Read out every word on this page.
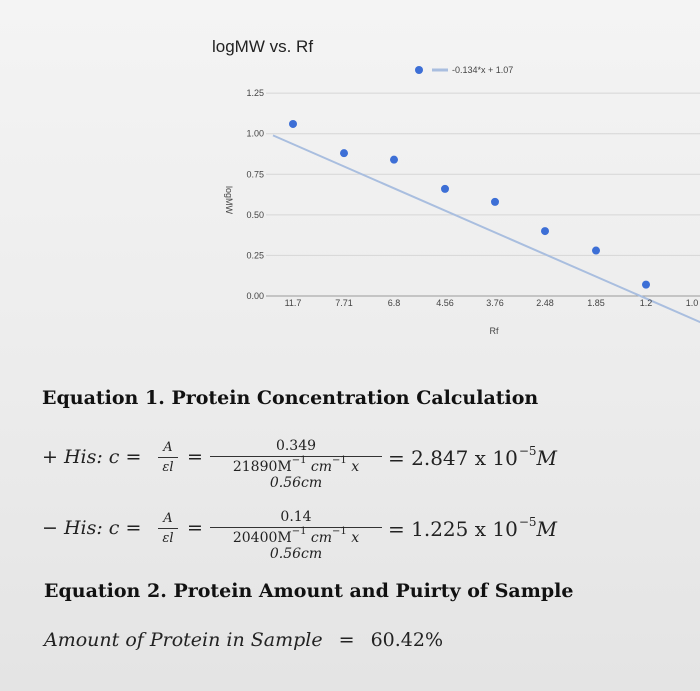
logMW vs. Rf
0.00
0.25
0.50
0.75
1.00
1.25
11.7	7.71	6.8	4.56	3.76	2.48	1.85	1.2	1.0
Rf
logMW
-0.134*x + 1.07
Equation 1. Protein Concentration Calculation
+ His: $c = \frac{A}{\varepsilon l} = \frac{0.349}{21890M^{-1} cm^{-1} x 0.56cm} = 2.847$ x $10^{-5}M$
− His: $c = \frac{A}{\varepsilon l} = \frac{0.14}{20400M^{-1} cm^{-1} x 0.56cm} = 1.225$ x $10^{-5}M$
Equation 2. Protein Amount and Puirty of Sample
Amount of Protein in Sample = 60.42%
